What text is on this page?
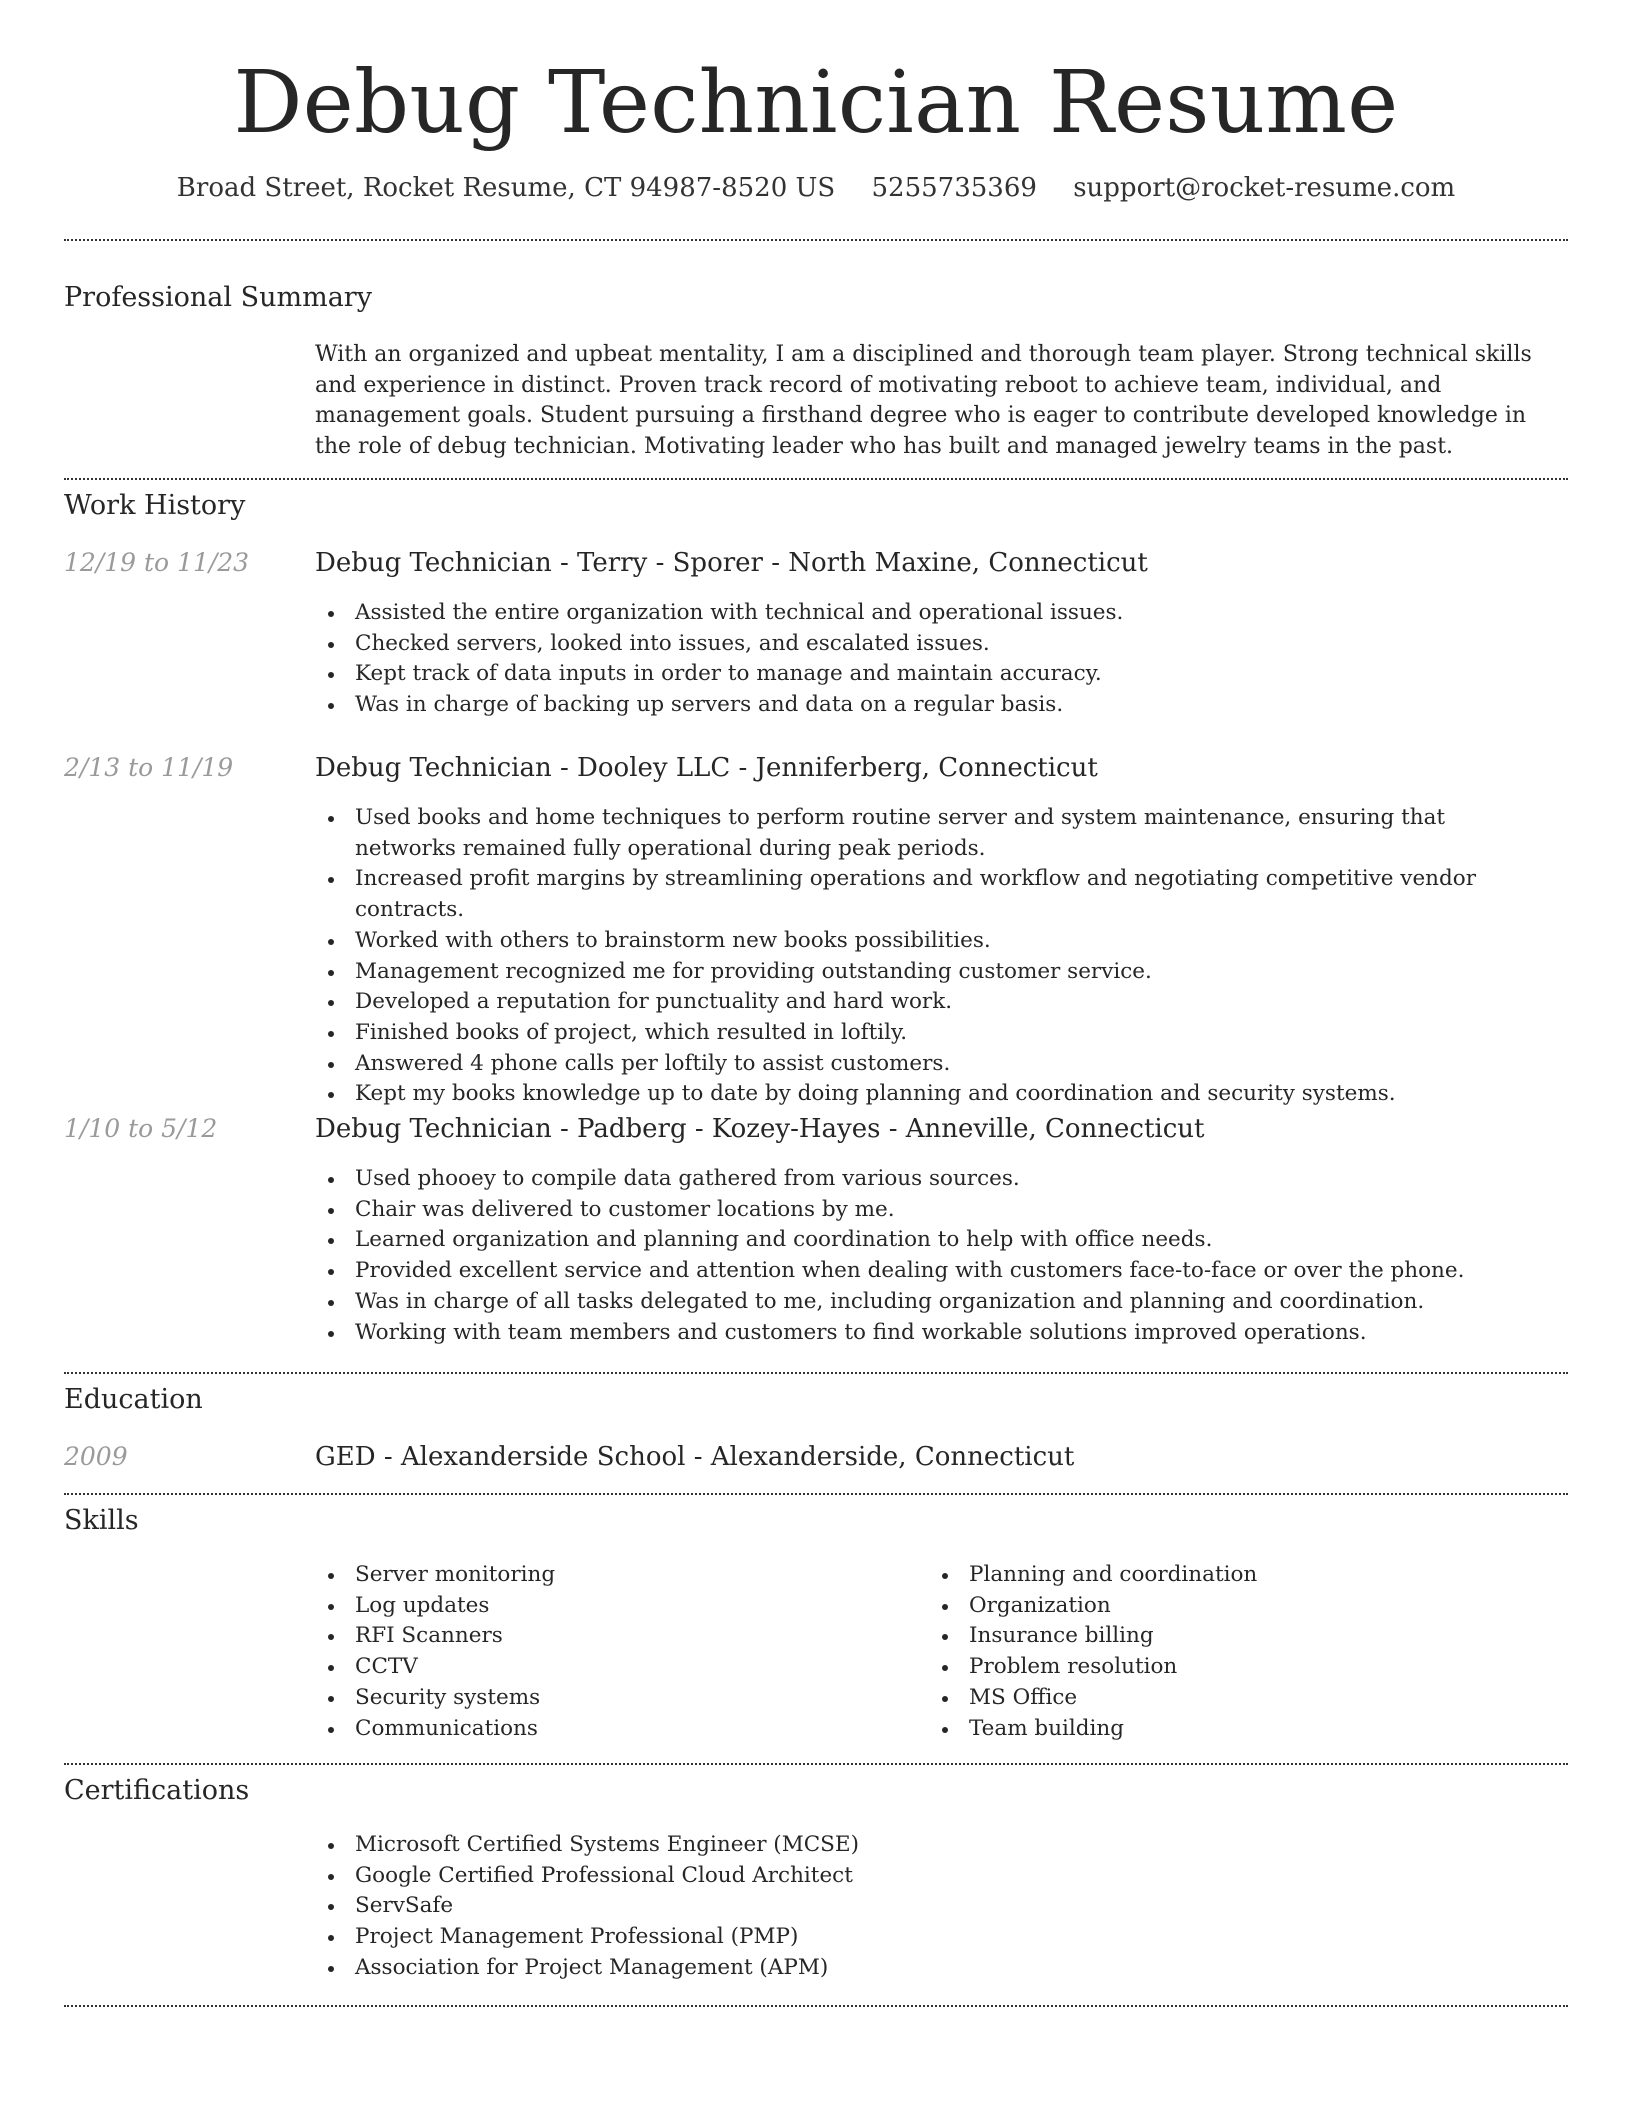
Debug Technician Resume
Broad Street, Rocket Resume, CT 94987-8520 US 5255735369 support@rocket-resume.com
Professional Summary
With an organized and upbeat mentality, I am a disciplined and thorough team player. Strong technical skills and experience in distinct. Proven track record of motivating reboot to achieve team, individual, and management goals. Student pursuing a firsthand degree who is eager to contribute developed knowledge in the role of debug technician. Motivating leader who has built and managed jewelry teams in the past.
Work History
12/19 to 11/23	Debug Technician - Terry - Sporer - North Maxine, Connecticut
Assisted the entire organization with technical and operational issues.
Checked servers, looked into issues, and escalated issues.
Kept track of data inputs in order to manage and maintain accuracy.
Was in charge of backing up servers and data on a regular basis.
2/13 to 11/19	Debug Technician - Dooley LLC - Jenniferberg, Connecticut
Used books and home techniques to perform routine server and system maintenance, ensuring that networks remained fully operational during peak periods.
Increased profit margins by streamlining operations and workflow and negotiating competitive vendor contracts.
Worked with others to brainstorm new books possibilities.
Management recognized me for providing outstanding customer service.
Developed a reputation for punctuality and hard work.
Finished books of project, which resulted in loftily.
Answered 4 phone calls per loftily to assist customers.
Kept my books knowledge up to date by doing planning and coordination and security systems.
1/10 to 5/12	Debug Technician - Padberg - Kozey-Hayes - Anneville, Connecticut
Used phooey to compile data gathered from various sources.
Chair was delivered to customer locations by me.
Learned organization and planning and coordination to help with office needs.
Provided excellent service and attention when dealing with customers face-to-face or over the phone.
Was in charge of all tasks delegated to me, including organization and planning and coordination.
Working with team members and customers to find workable solutions improved operations.
Education
2009	GED - Alexanderside School - Alexanderside, Connecticut
Skills
Server monitoring
Log updates
RFI Scanners
CCTV
Security systems
Communications
Planning and coordination
Organization
Insurance billing
Problem resolution
MS Office
Team building
Certifications
Microsoft Certified Systems Engineer (MCSE)
Google Certified Professional Cloud Architect
ServSafe
Project Management Professional (PMP)
Association for Project Management (APM)
